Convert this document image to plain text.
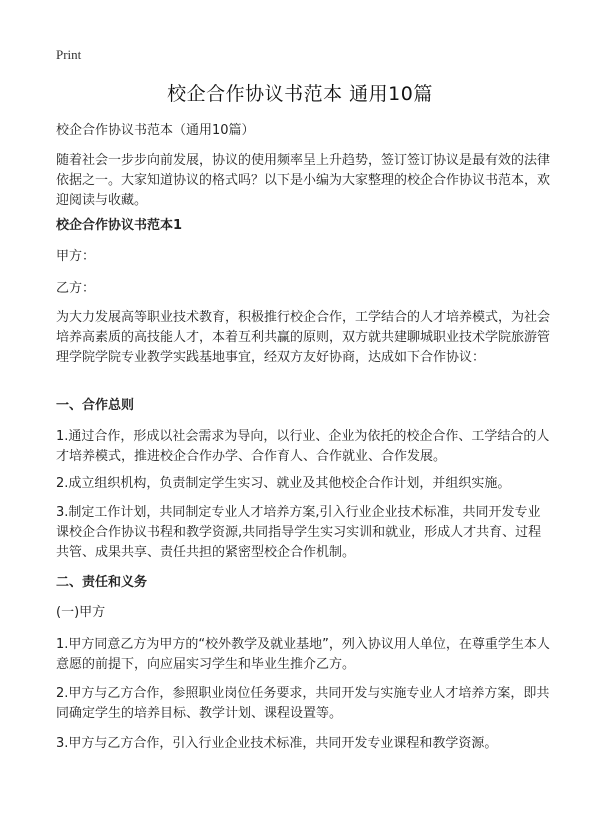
Print
校企合作协议书范本 通用10篇
校企合作协议书范本（通用10篇）
随着社会一步步向前发展，协议的使用频率呈上升趋势，签订签订协议是最有效的法律依据之一。大家知道协议的格式吗？以下是小编为大家整理的校企合作协议书范本，欢迎阅读与收藏。
校企合作协议书范本1
甲方：
乙方：
为大力发展高等职业技术教育，积极推行校企合作，工学结合的人才培养模式，为社会培养高素质的高技能人才，本着互利共赢的原则，双方就共建聊城职业技术学院旅游管理学院学院专业教学实践基地事宜，经双方友好协商，达成如下合作协议：
一、合作总则
1.通过合作，形成以社会需求为导向，以行业、企业为依托的校企合作、工学结合的人才培养模式，推进校企合作办学、合作育人、合作就业、合作发展。
2.成立组织机构，负责制定学生实习、就业及其他校企合作计划，并组织实施。
3.制定工作计划，共同制定专业人才培养方案,引入行业企业技术标准，共同开发专业课校企合作协议书程和教学资源,共同指导学生实习实训和就业，形成人才共育、过程共管、成果共享、责任共担的紧密型校企合作机制。
二、责任和义务
(一)甲方
1.甲方同意乙方为甲方的“校外教学及就业基地”，列入协议用人单位，在尊重学生本人意愿的前提下，向应届实习学生和毕业生推介乙方。
2.甲方与乙方合作，参照职业岗位任务要求，共同开发与实施专业人才培养方案，即共同确定学生的培养目标、教学计划、课程设置等。
3.甲方与乙方合作，引入行业企业技术标准，共同开发专业课程和教学资源。
